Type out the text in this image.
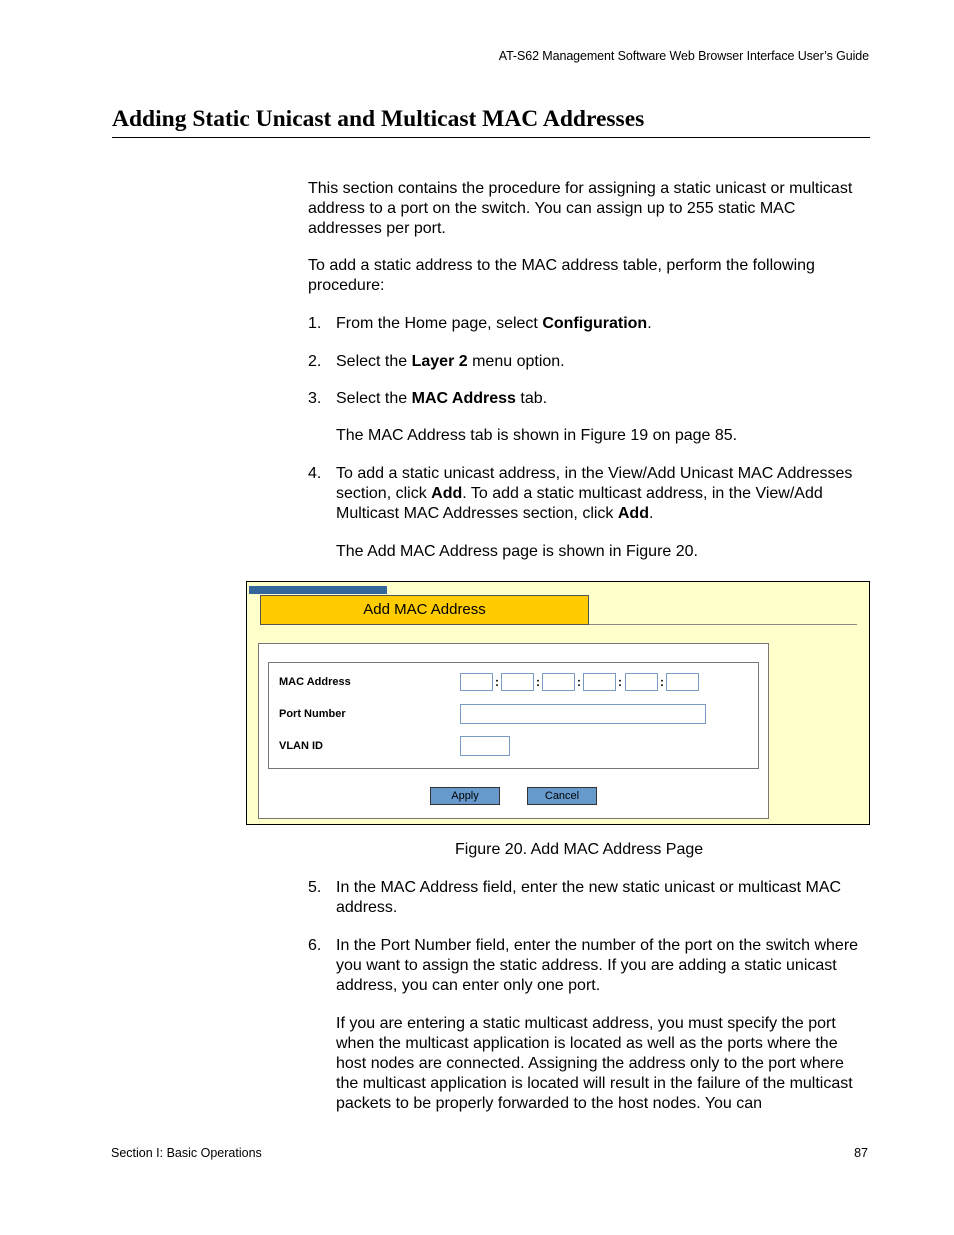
AT-S62 Management Software Web Browser Interface User’s Guide
Adding Static Unicast and Multicast MAC Addresses
This section contains the procedure for assigning a static unicast or multicast address to a port on the switch. You can assign up to 255 static MAC addresses per port.
To add a static address to the MAC address table, perform the following procedure:
1. From the Home page, select Configuration.
2. Select the Layer 2 menu option.
3. Select the MAC Address tab.
The MAC Address tab is shown in Figure 19 on page 85.
4. To add a static unicast address, in the View/Add Unicast MAC Addresses section, click Add. To add a static multicast address, in the View/Add Multicast MAC Addresses section, click Add.
The Add MAC Address page is shown in Figure 20.
Add MAC Address
MAC Address	:	:	:	:	:
Port Number
VLAN ID
Apply	Cancel
Figure 20. Add MAC Address Page
5. In the MAC Address field, enter the new static unicast or multicast MAC address.
6. In the Port Number field, enter the number of the port on the switch where you want to assign the static address. If you are adding a static unicast address, you can enter only one port.
If you are entering a static multicast address, you must specify the port when the multicast application is located as well as the ports where the host nodes are connected. Assigning the address only to the port where the multicast application is located will result in the failure of the multicast packets to be properly forwarded to the host nodes. You can
Section I: Basic Operations	87
